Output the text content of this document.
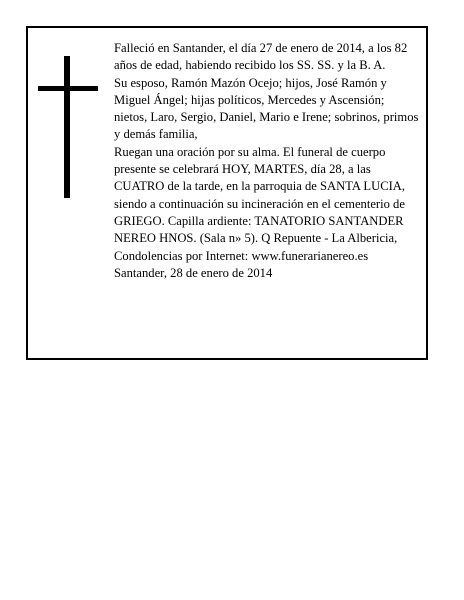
Falleció en Santander, el día 27 de enero de 2014, a los 82 años de edad, habiendo recibido los SS. SS. y la B. A.

Su esposo, Ramón Mazón Ocejo; hijos, José Ramón y Miguel Ángel; hijas políticos, Mercedes y Ascensión; nietos, Laro, Sergio, Daniel, Mario e Irene; sobrinos, primos y demás familia,

Ruegan una oración por su alma. El funeral de cuerpo presente se celebrará HOY, MARTES, día 28, a las CUATRO de la tarde, en la parroquia de SANTA LUCIA, siendo a continuación su incineración en el cementerio de GRIEGO. Capilla ardiente: TANATORIO SANTANDER NEREO HNOS. (Sala n» 5). Q Repuente - La Albericia,

Condolencias por Internet: www.funerarianereo.es

Santander, 28 de enero de 2014
